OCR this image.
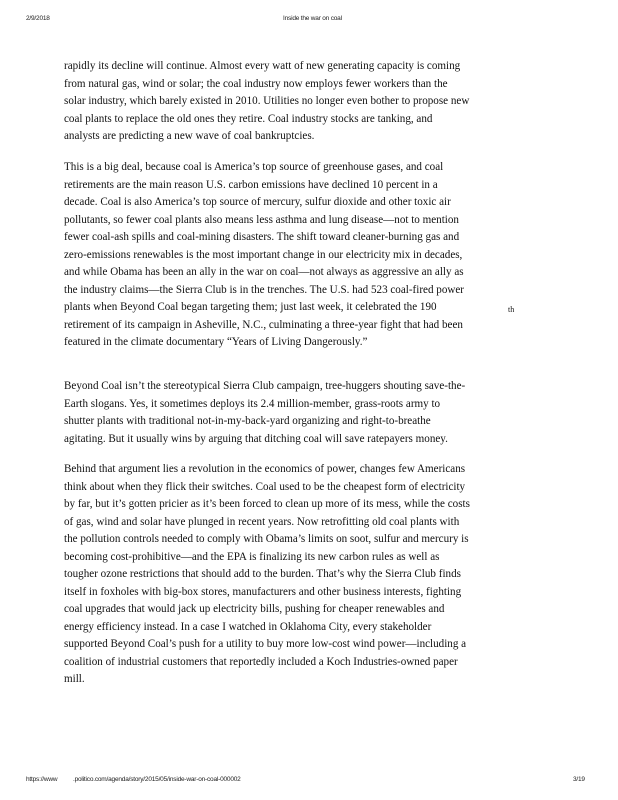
2/9/2018	Inside the war on coal
rapidly its decline will continue. Almost every watt of new generating capacity is coming
from natural gas, wind or solar; the coal industry now employs fewer workers than the
solar industry, which barely existed in 2010. Utilities no longer even bother to propose new
coal plants to replace the old ones they retire. Coal industry stocks are tanking, and
analysts are predicting a new wave of coal bankruptcies.
This is a big deal, because coal is America’s top source of greenhouse gases, and coal
retirements are the main reason U.S. carbon emissions have declined 10 percent in a
decade. Coal is also America’s top source of mercury, sulfur dioxide and other toxic air
pollutants, so fewer coal plants also means less asthma and lung disease—not to mention
fewer coal-ash spills and coal-mining disasters. The shift toward cleaner-burning gas and
zero-emissions renewables is the most important change in our electricity mix in decades,
and while Obama has been an ally in the war on coal—not always as aggressive an ally as
the industry claims—the Sierra Club is in the trenches. The U.S. had 523 coal-fired power
plants when Beyond Coal began targeting them; just last week, it celebrated the 190
retirement of its campaign in Asheville, N.C., culminating a three-year fight that had been
featured in the climate documentary “Years of Living Dangerously.”
th
Beyond Coal isn’t the stereotypical Sierra Club campaign, tree-huggers shouting save-the-
Earth slogans. Yes, it sometimes deploys its 2.4 million-member, grass-roots army to
shutter plants with traditional not-in-my-back-yard organizing and right-to-breathe
agitating. But it usually wins by arguing that ditching coal will save ratepayers money.
Behind that argument lies a revolution in the economics of power, changes few Americans
think about when they flick their switches. Coal used to be the cheapest form of electricity
by far, but it’s gotten pricier as it’s been forced to clean up more of its mess, while the costs
of gas, wind and solar have plunged in recent years. Now retrofitting old coal plants with
the pollution controls needed to comply with Obama’s limits on soot, sulfur and mercury is
becoming cost-prohibitive—and the EPA is finalizing its new carbon rules as well as
tougher ozone restrictions that should add to the burden. That’s why the Sierra Club finds
itself in foxholes with big-box stores, manufacturers and other business interests, fighting
coal upgrades that would jack up electricity bills, pushing for cheaper renewables and
energy efficiency instead. In a case I watched in Oklahoma City, every stakeholder
supported Beyond Coal’s push for a utility to buy more low-cost wind power—including a
coalition of industrial customers that reportedly included a Koch Industries-owned paper
mill.
https://www .politico.com/agenda/story/2015/05/inside-war-on-coal-000002	3/19
